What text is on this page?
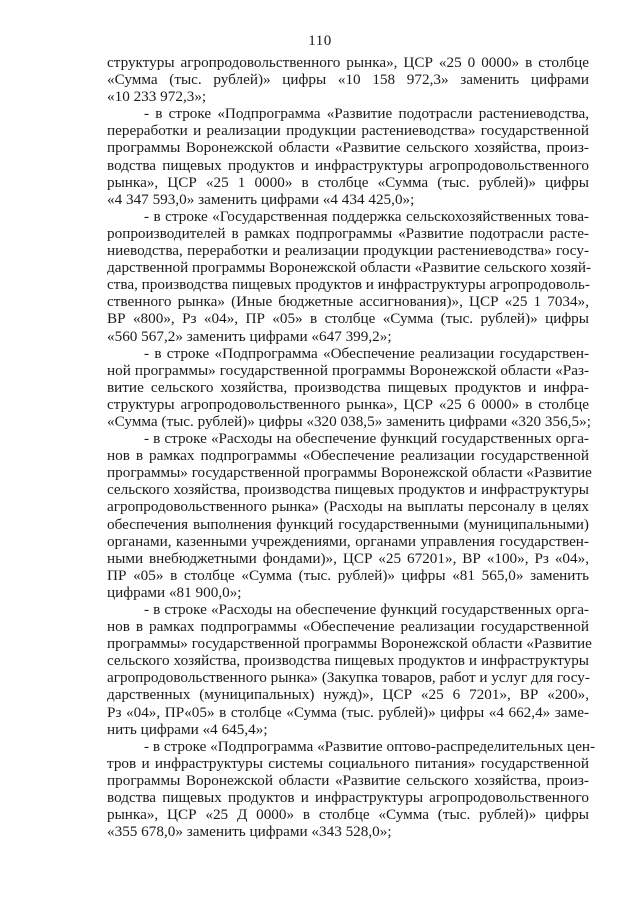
110
структуры агропродовольственного рынка», ЦСР «25 0 0000» в столбце
«Сумма (тыс. рублей)» цифры «10 158 972,3» заменить цифрами
«10 233 972,3»;
- в строке «Подпрограмма «Развитие подотрасли растениеводства,
переработки и реализации продукции растениеводства» государственной
программы Воронежской области «Развитие сельского хозяйства, произ-
водства пищевых продуктов и инфраструктуры агропродовольственного
рынка», ЦСР «25 1 0000» в столбце «Сумма (тыс. рублей)» цифры
«4 347 593,0» заменить цифрами «4 434 425,0»;
- в строке «Государственная поддержка сельскохозяйственных това-
ропроизводителей в рамках подпрограммы «Развитие подотрасли расте-
ниеводства, переработки и реализации продукции растениеводства» госу-
дарственной программы Воронежской области «Развитие сельского хозяй-
ства, производства пищевых продуктов и инфраструктуры агропродоволь-
ственного рынка» (Иные бюджетные ассигнования)», ЦСР «25 1 7034»,
ВР «800», Рз «04», ПР «05» в столбце «Сумма (тыс. рублей)» цифры
«560 567,2» заменить цифрами «647 399,2»;
- в строке «Подпрограмма «Обеспечение реализации государствен-
ной программы» государственной программы Воронежской области «Раз-
витие сельского хозяйства, производства пищевых продуктов и инфра-
структуры агропродовольственного рынка», ЦСР «25 6 0000» в столбце
«Сумма (тыс. рублей)» цифры «320 038,5» заменить цифрами «320 356,5»;
- в строке «Расходы на обеспечение функций государственных орга-
нов в рамках подпрограммы «Обеспечение реализации государственной
программы» государственной программы Воронежской области «Развитие
сельского хозяйства, производства пищевых продуктов и инфраструктуры
агропродовольственного рынка» (Расходы на выплаты персоналу в целях
обеспечения выполнения функций государственными (муниципальными)
органами, казенными учреждениями, органами управления государствен-
ными внебюджетными фондами)», ЦСР «25 67201», ВР «100», Рз «04»,
ПР «05» в столбце «Сумма (тыс. рублей)» цифры «81 565,0» заменить
цифрами «81 900,0»;
- в строке «Расходы на обеспечение функций государственных орга-
нов в рамках подпрограммы «Обеспечение реализации государственной
программы» государственной программы Воронежской области «Развитие
сельского хозяйства, производства пищевых продуктов и инфраструктуры
агропродовольственного рынка» (Закупка товаров, работ и услуг для госу-
дарственных (муниципальных) нужд)», ЦСР «25 6 7201», ВР «200»,
Рз «04», ПР«05» в столбце «Сумма (тыс. рублей)» цифры «4 662,4» заме-
нить цифрами «4 645,4»;
- в строке «Подпрограмма «Развитие оптово-распределительных цен-
тров и инфраструктуры системы социального питания» государственной
программы Воронежской области «Развитие сельского хозяйства, произ-
водства пищевых продуктов и инфраструктуры агропродовольственного
рынка», ЦСР «25 Д 0000» в столбце «Сумма (тыс. рублей)» цифры
«355 678,0» заменить цифрами «343 528,0»;
